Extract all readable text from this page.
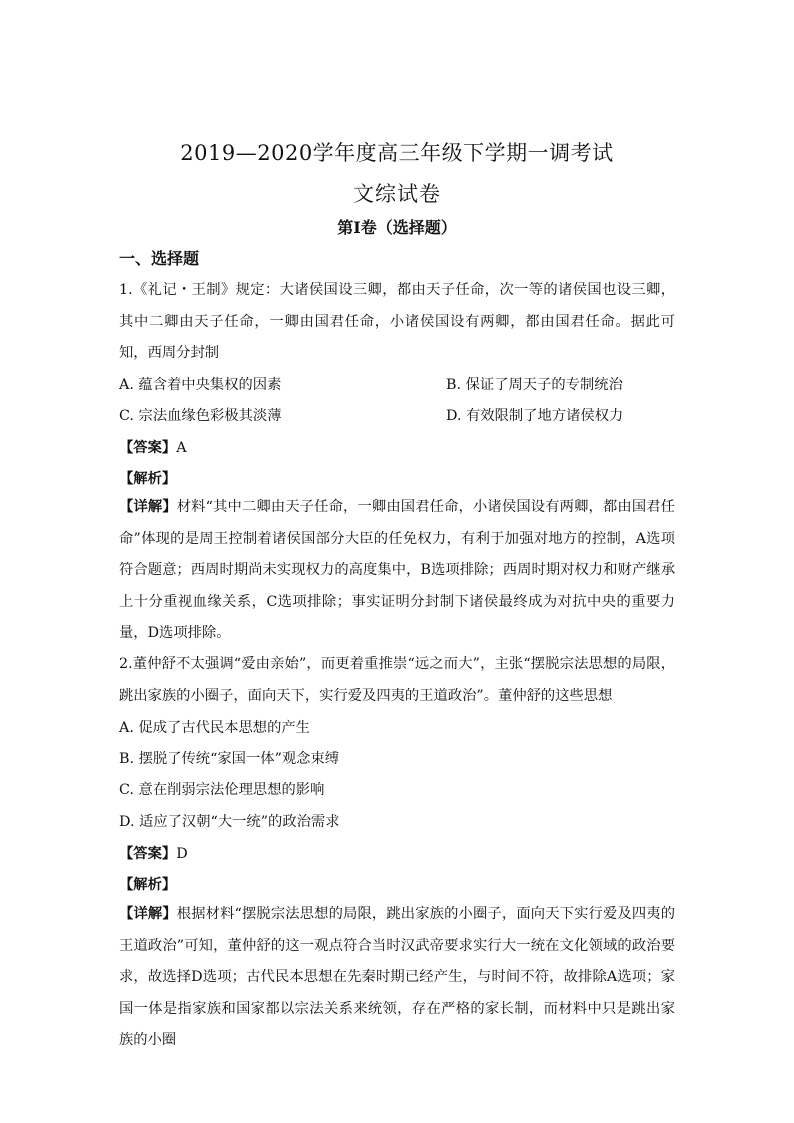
2019—2020学年度高三年级下学期一调考试
文综试卷
第Ⅰ卷（选择题）
一、选择题
1.《礼记・王制》规定：大诸侯国设三卿，都由天子任命，次一等的诸侯国也设三卿，其中二卿由天子任命，一卿由国君任命，小诸侯国设有两卿，都由国君任命。据此可知，西周分封制
A. 蕴含着中央集权的因素	B. 保证了周天子的专制统治
C. 宗法血缘色彩极其淡薄	D. 有效限制了地方诸侯权力
【答案】A
【解析】
【详解】材料“其中二卿由天子任命，一卿由国君任命，小诸侯国设有两卿，都由国君任命”体现的是周王控制着诸侯国部分大臣的任免权力，有利于加强对地方的控制，A选项符合题意；西周时期尚未实现权力的高度集中，B选项排除；西周时期对权力和财产继承上十分重视血缘关系，C选项排除；事实证明分封制下诸侯最终成为对抗中央的重要力量，D选项排除。
2.董仲舒不太强调“爱由亲始”，而更着重推崇“远之而大”，主张“摆脱宗法思想的局限，跳出家族的小圈子，面向天下，实行爱及四夷的王道政治”。董仲舒的这些思想
A. 促成了古代民本思想的产生
B. 摆脱了传统“家国一体”观念束缚
C. 意在削弱宗法伦理思想的影响
D. 适应了汉朝“大一统”的政治需求
【答案】D
【解析】
【详解】根据材料“摆脱宗法思想的局限，跳出家族的小圈子，面向天下实行爱及四夷的王道政治”可知，董仲舒的这一观点符合当时汉武帝要求实行大一统在文化领域的政治要求，故选择D选项；古代民本思想在先秦时期已经产生，与时间不符，故排除A选项；家国一体是指家族和国家都以宗法关系来统领，存在严格的家长制，而材料中只是跳出家族的小圈
